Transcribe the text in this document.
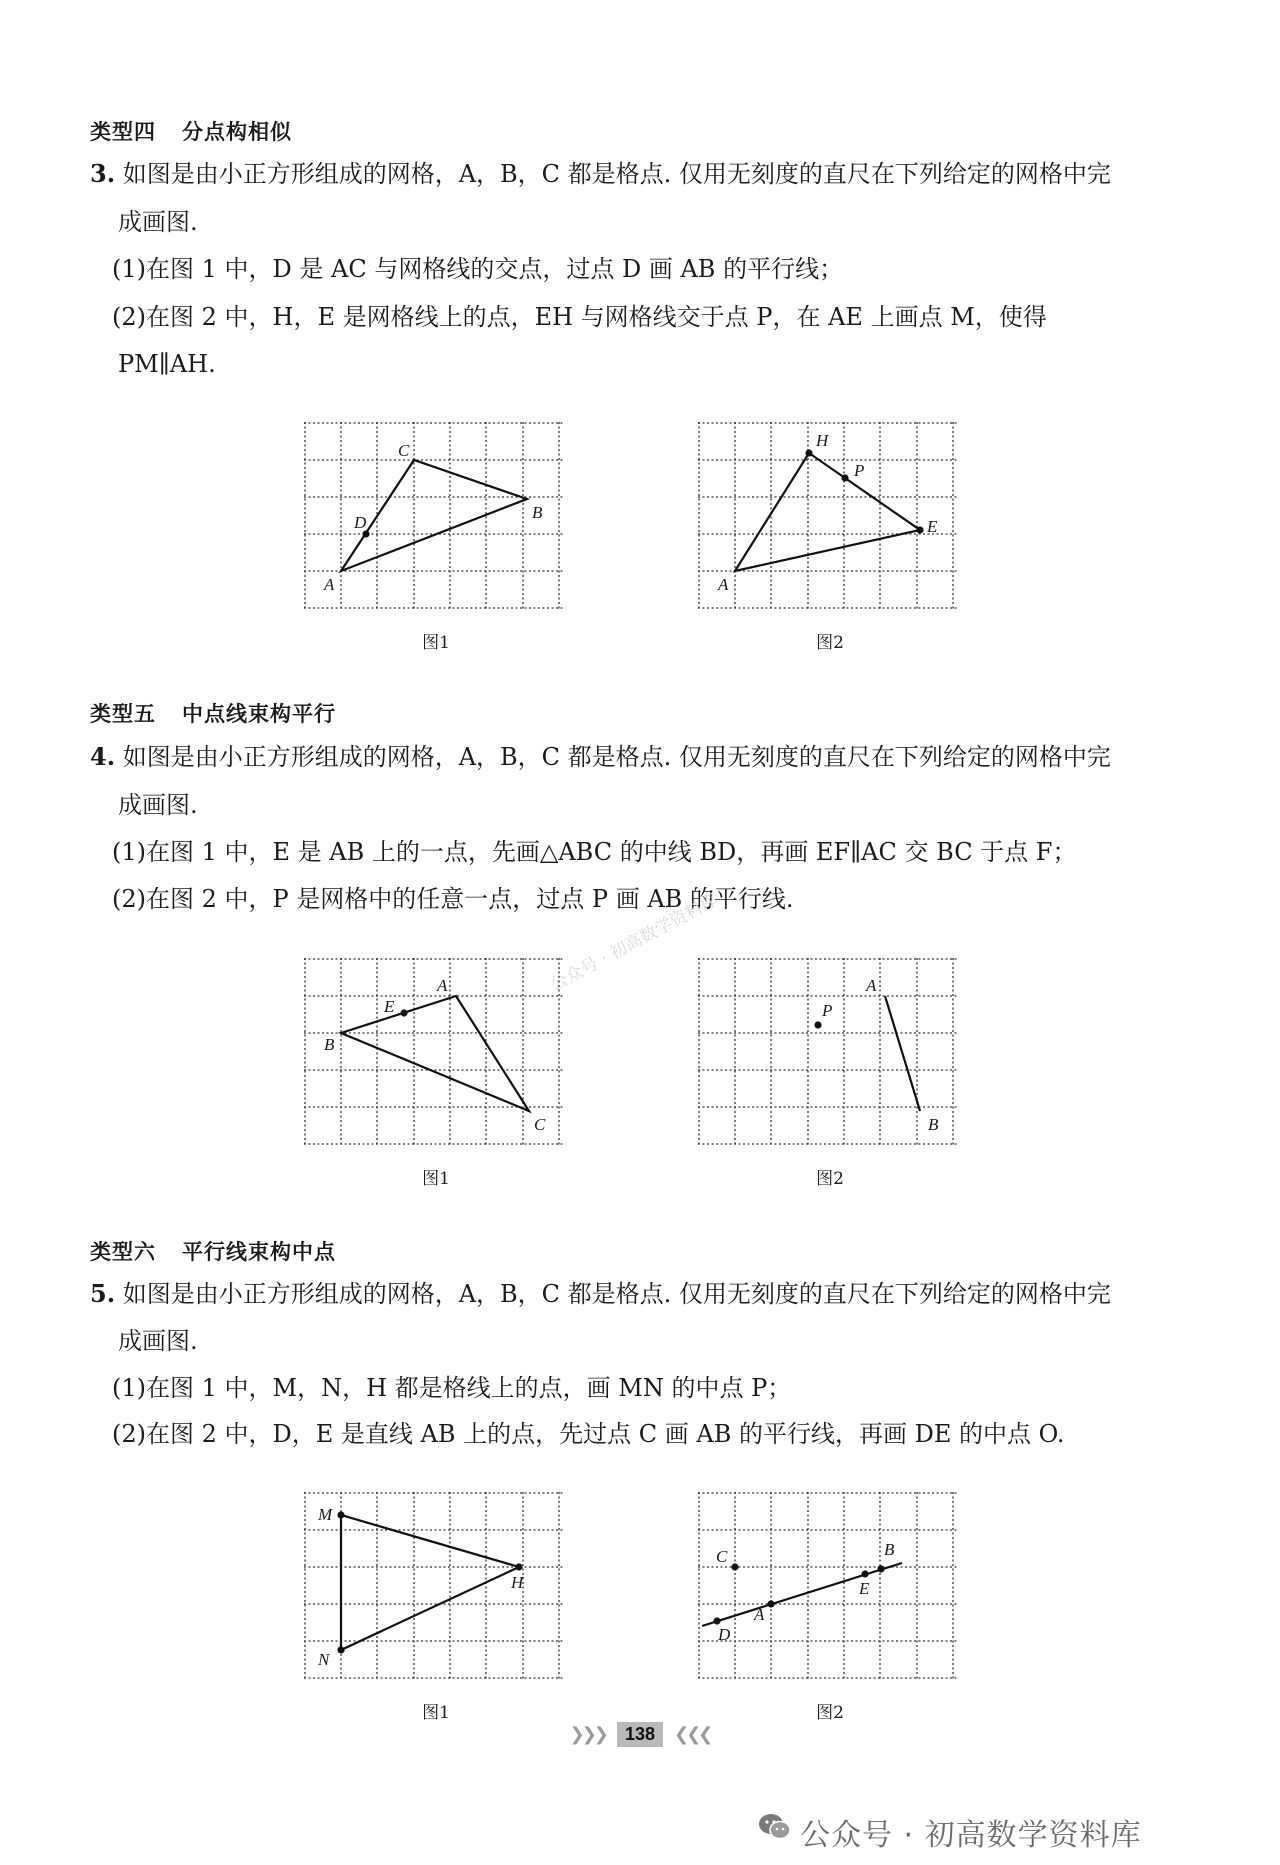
类型四 分点构相似
3. 如图是由小正方形组成的网格，A，B，C 都是格点. 仅用无刻度的直尺在下列给定的网格中完
成画图.
(1)在图 1 中，D 是 AC 与网格线的交点，过点 D 画 AB 的平行线；
(2)在图 2 中，H，E 是网格线上的点，EH 与网格线交于点 P，在 AE 上画点 M，使得
PM∥AH.
A
B
C
D
图1
A
H
P
E
图2
类型五 中点线束构平行
4. 如图是由小正方形组成的网格，A，B，C 都是格点. 仅用无刻度的直尺在下列给定的网格中完
成画图.
(1)在图 1 中，E 是 AB 上的一点，先画△ABC 的中线 BD，再画 EF∥AC 交 BC 于点 F；
(2)在图 2 中，P 是网格中的任意一点，过点 P 画 AB 的平行线.
公众号 · 初高数学资料库
A
B
C
E
图1
A
B
P
图2
类型六 平行线束构中点
5. 如图是由小正方形组成的网格，A，B，C 都是格点. 仅用无刻度的直尺在下列给定的网格中完
成画图.
(1)在图 1 中，M，N，H 都是格线上的点，画 MN 的中点 P；
(2)在图 2 中，D，E 是直线 AB 上的点，先过点 C 画 AB 的平行线，再画 DE 的中点 O.
M
N
H
图1
A
B
C
D
E
图2
❯❯❯ 138 ❮❮❮
公众号 · 初高数学资料库
